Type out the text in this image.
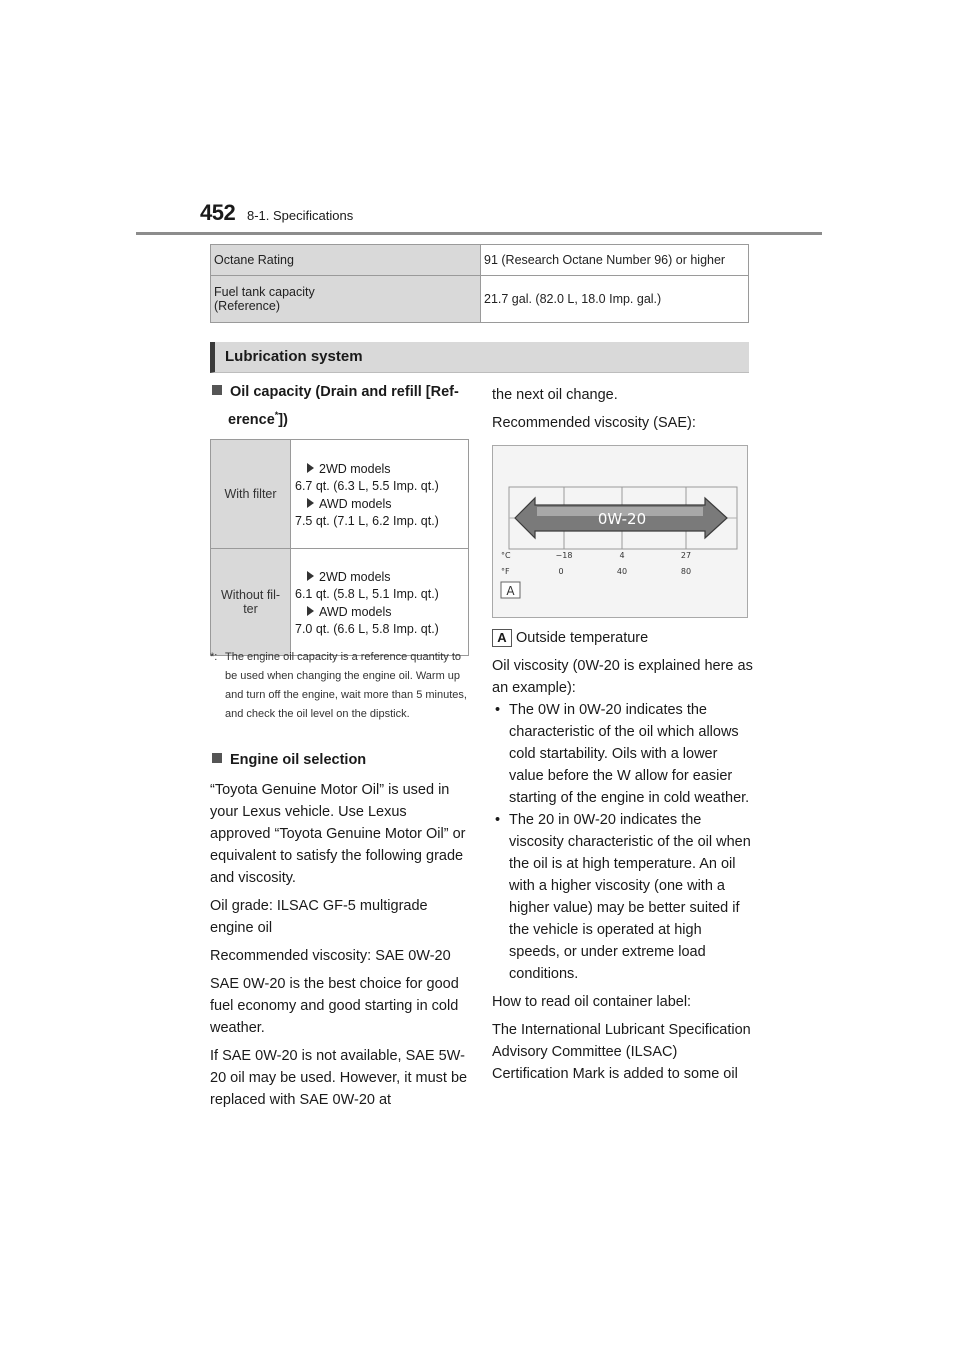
452 8-1. Specifications
Octane Rating	91 (Research Octane Number 96) or higher
Fuel tank capacity
(Reference)	21.7 gal. (82.0 L, 18.0 Imp. gal.)
Lubrication system
Oil capacity (Drain and refill [Ref-
erence*])
With filter	2WD models
6.7 qt. (6.3 L, 5.5 Imp. qt.)
AWD models
7.5 qt. (7.1 L, 6.2 Imp. qt.)

Without fil-
ter	2WD models
6.1 qt. (5.8 L, 5.1 Imp. qt.)
AWD models
7.0 qt. (6.6 L, 5.8 Imp. qt.)
*: The engine oil capacity is a reference quantity to be used when changing the engine oil. Warm up and turn off the engine, wait more than 5 minutes, and check the oil level on the dipstick.
Engine oil selection

“Toyota Genuine Motor Oil” is used in your Lexus vehicle. Use Lexus approved “Toyota Genuine Motor Oil” or equivalent to satisfy the following grade and viscosity.

Oil grade: ILSAC GF-5 multigrade engine oil

Recommended viscosity: SAE 0W-20

SAE 0W-20 is the best choice for good fuel economy and good starting in cold weather.

If SAE 0W-20 is not available, SAE 5W-20 oil may be used. However, it must be replaced with SAE 0W-20 at

the next oil change.

Recommended viscosity (SAE):

0W-20
°C
°F
−18	4	27
0	40	80
A

A Outside temperature

Oil viscosity (0W-20 is explained here as an example):

• The 0W in 0W-20 indicates the characteristic of the oil which allows cold startability. Oils with a lower value before the W allow for easier starting of the engine in cold weather.
• The 20 in 0W-20 indicates the viscosity characteristic of the oil when the oil is at high temperature. An oil with a higher viscosity (one with a higher value) may be better suited if the vehicle is operated at high speeds, or under extreme load conditions.

How to read oil container label:

The International Lubricant Specification Advisory Committee (ILSAC) Certification Mark is added to some oil
